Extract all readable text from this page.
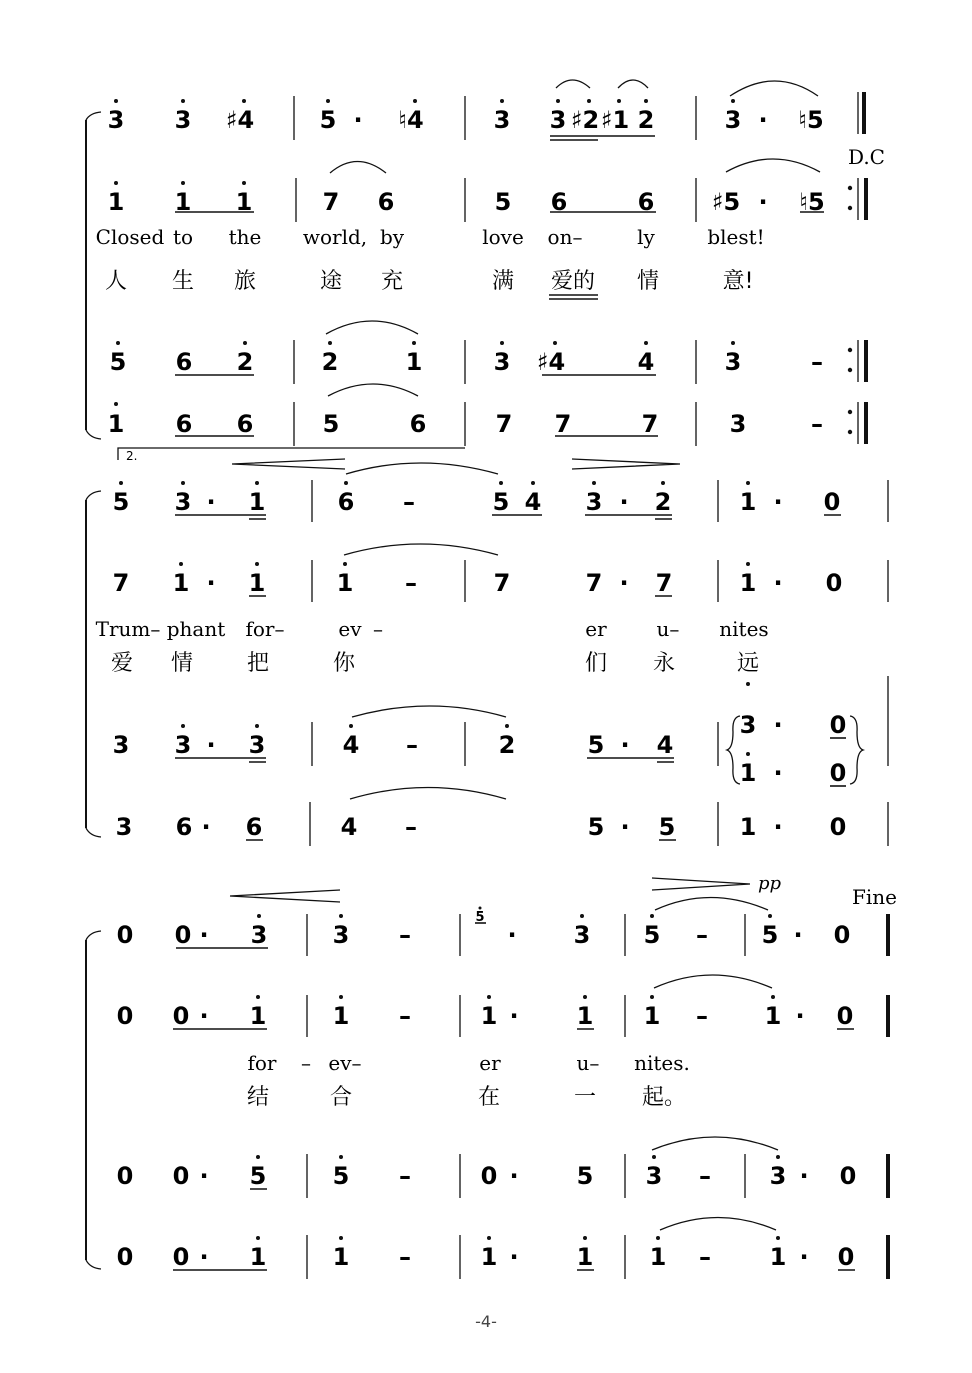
3 3 ♯4	5 · ♮4	3 3 ♯2 ♯1 2	3 · ♮5
D.C
1 1 1	7 6	5 6	6 ♯5 · ♮5
Closed to the world, by	love on–	ly	blest!
人 生 旅	途 充	满 爱的 情	意!
5 6 2	2	1	3 ♯4	4	3	–
1 6 6	5	6	7 7	7	3	–
2.
5 3 · 1	6 –	5 4 3 · 2	1 · 0
7 1 · 1	1 –	7	7 · 7	1 · 0
Trum– phant for–	ev –	er u– nites
爱 情 把	你	们 永	远
3 3 · 3	4 –	2	5 · 4
3 · 0
1 · 0
3 6 · 6	4 –	5 · 5	1 · 0
pp
Fine
0 0 · 3	3 –
5
· 3 5 – 5 · 0
0 0 · 1	1 –	1 · 1 1 – 1 · 0
for – ev–	er	u– nites.
结	合	在	一 起。
0 0 · 5	5 –	0 · 5 3 – 3 · 0
0 0 · 1	1 –	1 · 1 1 – 1 · 0
-4-
